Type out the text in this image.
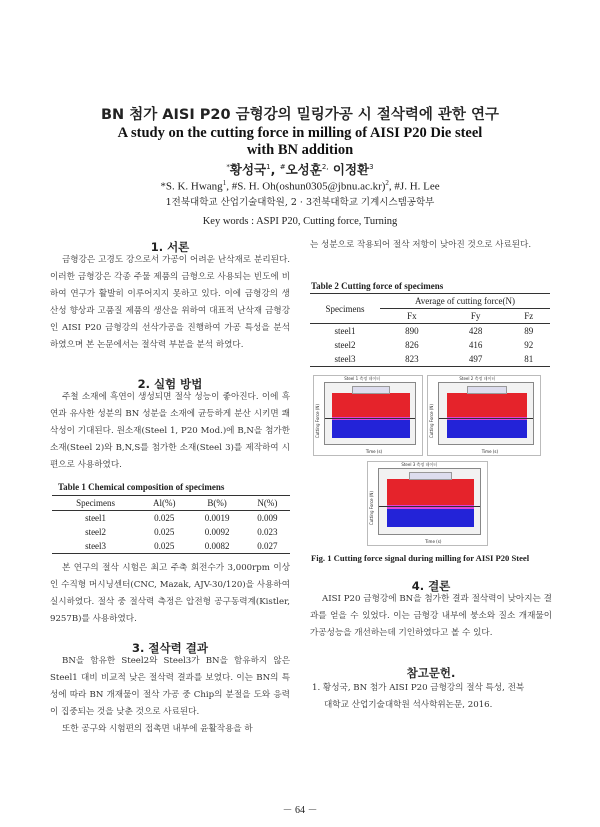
BN 첨가 AISI P20 금형강의 밀링가공 시 절삭력에 관한 연구
A study on the cutting force in milling of AISI P20 Die steel
with BN addition
*황성국$^1$, #오성훈$^{2,}$ 이정환$^3$
*S. K. Hwang$^1$, #S. H. Oh(oshun0305@jbnu.ac.kr)$^2$, #J. H. Lee
1전북대학교 산업기술대학원, 2 · 3전북대학교 기계시스템공학부
Key words : ASPI P20, Cutting force, Turning
1. 서론

금형강은 고경도 강으로서 가공이 어려운 난삭재로 분리된다. 이러한 금형강은 각종 주물 제품의 금형으로 사용되는 빈도에 비하여 연구가 활발히 이루어지지 못하고 있다. 이에 금형강의 생산성 향상과 고품질 제품의 생산을 위하여 대표적 난삭재 금형강인 AISI P20 금형강의 선삭가공을 진행하여 가공 특성을 분석 하였으며 본 논문에서는 절삭력 부분을 분석 하였다.

2. 실험 방법

주철 소재에 흑연이 생성되면 절삭 성능이 좋아진다. 이에 흑연과 유사한 성분의 BN 성분을 소재에 균등하게 분산 시키면 쾌삭성이 기대된다. 원소재(Steel 1, P20 Mod.)에 B,N을 첨가한 소재(Steel 2)와 B,N,S를 첨가한 소재(Steel 3)를 제작하여 시편으로 사용하였다.

Table 1 Chemical composition of specimens
Specimens	Al(%)	B(%)	N(%)
steel1	0.025	0.0019	0.009
steel2	0.025	0.0092	0.023
steel3	0.025	0.0082	0.027

본 연구의 절삭 시험은 최고 주축 회전수가 3,000rpm 이상인 수직형 머시닝센터(CNC, Mazak, AJV-30/120)을 사용하여 실시하였다. 절삭 중 절삭력 측정은 압전형 공구동력계(Kistler, 9257B)를 사용하였다.

3. 절삭력 결과

BN을 함유한 Steel2와 Steel3가 BN을 함유하지 않은 Steel1 대비 비교적 낮은 절삭력 결과를 보였다. 이는 BN의 특성에 따라 BN 개재물이 절삭 가공 중 Chip의 분절을 도와 응력이 집중되는 것을 낮춘 것으로 사료된다.

또한 공구와 시험편의 접촉면 내부에 윤활작용을 하

는 성분으로 작용되어 절삭 저항이 낮아진 것으로 사료된다.

Table 2 Cutting force of specimens
Specimens	Average of cutting force(N)		
	Fx	Fy	Fz
steel1	890	428	89
steel2	826	416	92
steel3	823	497	81
Steel 1 측정 데이터
Cutting Force (N)
Time (s)
Steel 2 측정 데이터
Cutting Force (N)
Time (s)
Steel 3 측정 데이터
Cutting Force (N)
Time (s)
Fig. 1 Cutting force signal during milling for AISI P20 Steel
4. 결론

AISI P20 금형강에 BN을 첨가한 결과 절삭력이 낮아지는 결과를 얻을 수 있었다. 이는 금형강 내부에 붕소와 질소 개재물이 가공성능을 개선하는데 기인하였다고 볼 수 있다.

참고문헌.
1. 황성국, BN 첨가 AISI P20 금형강의 절삭 특성, 전북
대학교 산업기술대학원 석사학위논문, 2016.
－ 64 －
